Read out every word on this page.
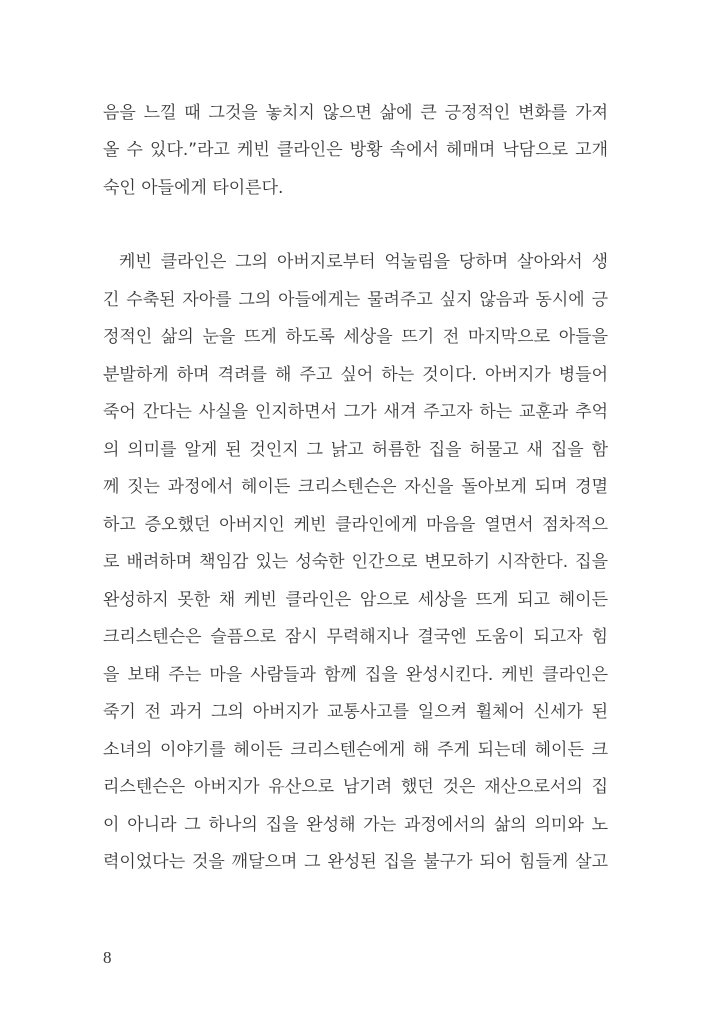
음을 느낄 때 그것을 놓치지 않으면 삶에 큰 긍정적인 변화를 가져
올 수 있다.”라고 케빈 클라인은 방황 속에서 헤매며 낙담으로 고개
숙인 아들에게 타이른다.
케빈 클라인은 그의 아버지로부터 억눌림을 당하며 살아와서 생
긴 수축된 자아를 그의 아들에게는 물려주고 싶지 않음과 동시에 긍
정적인 삶의 눈을 뜨게 하도록 세상을 뜨기 전 마지막으로 아들을
분발하게 하며 격려를 해 주고 싶어 하는 것이다. 아버지가 병들어
죽어 간다는 사실을 인지하면서 그가 새겨 주고자 하는 교훈과 추억
의 의미를 알게 된 것인지 그 낡고 허름한 집을 허물고 새 집을 함
께 짓는 과정에서 헤이든 크리스텐슨은 자신을 돌아보게 되며 경멸
하고 증오했던 아버지인 케빈 클라인에게 마음을 열면서 점차적으
로 배려하며 책임감 있는 성숙한 인간으로 변모하기 시작한다. 집을
완성하지 못한 채 케빈 클라인은 암으로 세상을 뜨게 되고 헤이든
크리스텐슨은 슬픔으로 잠시 무력해지나 결국엔 도움이 되고자 힘
을 보태 주는 마을 사람들과 함께 집을 완성시킨다. 케빈 클라인은
죽기 전 과거 그의 아버지가 교통사고를 일으켜 휠체어 신세가 된
소녀의 이야기를 헤이든 크리스텐슨에게 해 주게 되는데 헤이든 크
리스텐슨은 아버지가 유산으로 남기려 했던 것은 재산으로서의 집
이 아니라 그 하나의 집을 완성해 가는 과정에서의 삶의 의미와 노
력이었다는 것을 깨달으며 그 완성된 집을 불구가 되어 힘들게 살고
8
